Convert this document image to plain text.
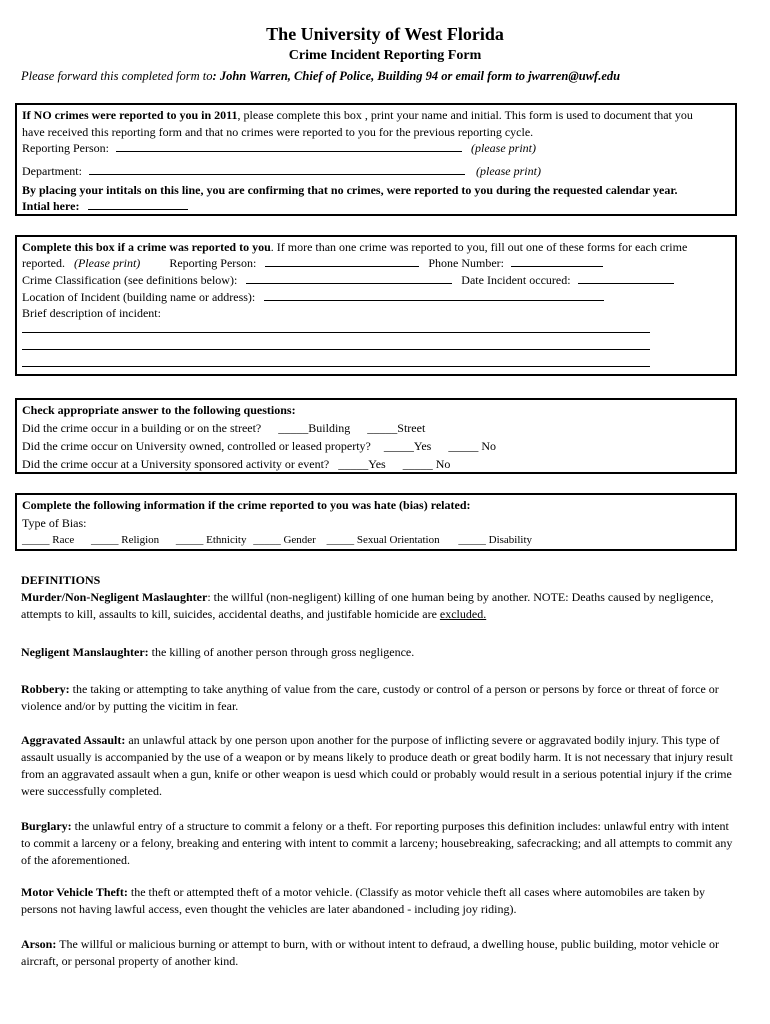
The University of West Florida
Crime Incident Reporting Form
Please forward this completed form to: John Warren, Chief of Police, Building 94 or email form to jwarren@uwf.edu
If NO crimes were reported to you in 2011, please complete this box , print your name and initial. This form is used to document that you
have received this reporting form and that no crimes were reported to you for the previous reporting cycle.
Reporting Person:	(please print)
Department:	(please print)
By placing your intitals on this line, you are confirming that no crimes, were reported to you during the requested calendar year.
Intial here:
Complete this box if a crime was reported to you. If more than one crime was reported to you, fill out one of these forms for each crime
reported. (Please print) Reporting Person:	Phone Number:
Crime Classification (see definitions below):	Date Incident occured:
Location of Incident (building name or address):
Brief description of incident:
Check appropriate answer to the following questions:
Did the crime occur in a building or on the street? _____Building _____Street
Did the crime occur on University owned, controlled or leased property? _____Yes _____ No
Did the crime occur at a University sponsored activity or event? _____Yes _____ No
Complete the following information if the crime reported to you was hate (bias) related:
Type of Bias:
_____ Race _____ Religion _____ Ethnicity _____ Gender _____ Sexual Orientation _____ Disability

DEFINITIONS

Murder/Non-Negligent Maslaughter: the willful (non-negligent) killing of one human being by another. NOTE: Deaths caused by negligence, attempts to kill, assaults to kill, suicides, accidental deaths, and justifable homicide are excluded.

Negligent Manslaughter: the killing of another person through gross negligence.
Robbery: the taking or attempting to take anything of value from the care, custody or control of a person or persons by force or threat of force or violence and/or by putting the vicitim in fear.
Aggravated Assault: an unlawful attack by one person upon another for the purpose of inflicting severe or aggravated bodily injury. This type of assault usually is accompanied by the use of a weapon or by means likely to produce death or great bodily harm. It is not necessary that injury result from an aggravated assault when a gun, knife or other weapon is uesd which could or probably would result in a serious potential injury if the crime were successfully completed.
Burglary: the unlawful entry of a structure to commit a felony or a theft. For reporting purposes this definition includes: unlawful entry with intent to commit a larceny or a felony, breaking and entering with intent to commit a larceny; housebreaking, safecracking; and all attempts to commit any of the aforementioned.
Motor Vehicle Theft: the theft or attempted theft of a motor vehicle. (Classify as motor vehicle theft all cases where automobiles are taken by persons not having lawful access, even thought the vehicles are later abandoned - including joy riding).
Arson: The willful or malicious burning or attempt to burn, with or without intent to defraud, a dwelling house, public building, motor vehicle or aircraft, or personal property of another kind.
